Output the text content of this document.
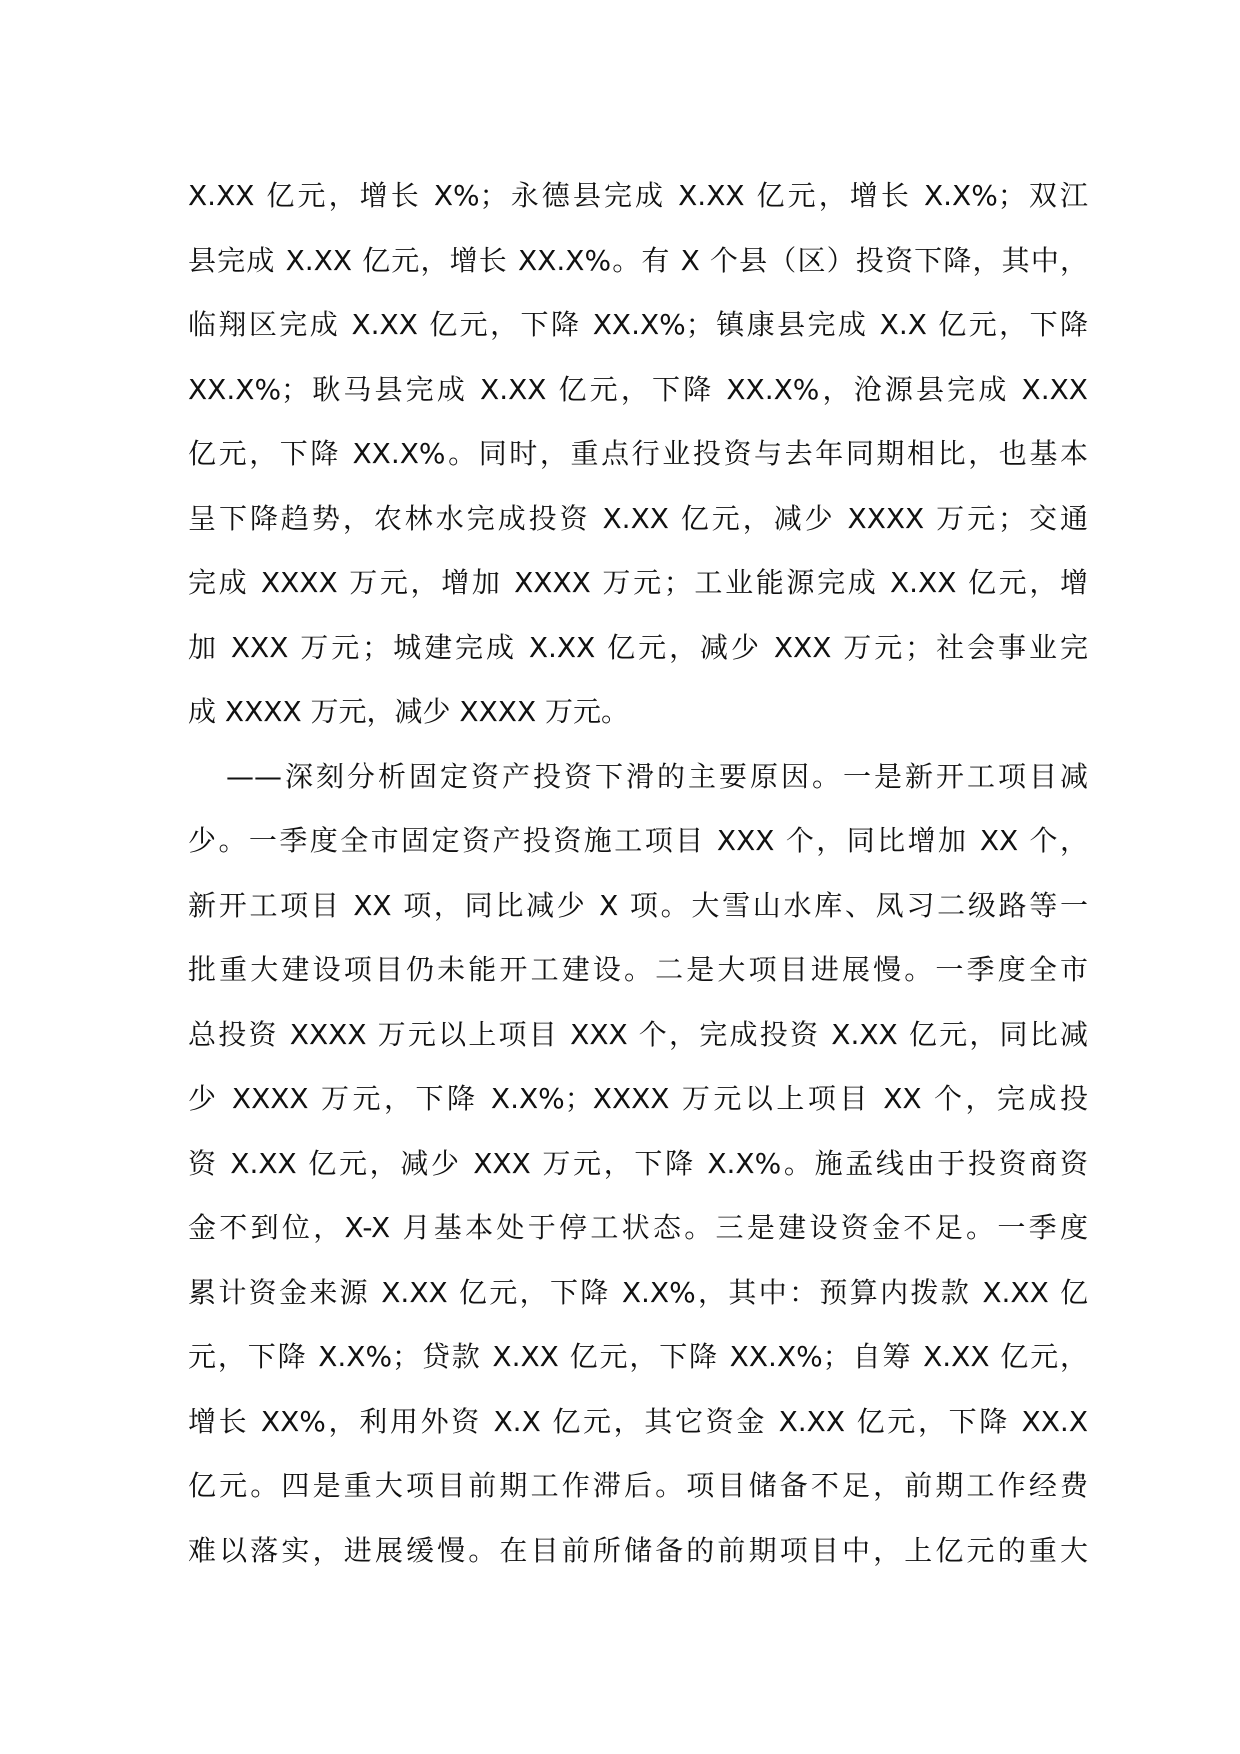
X.XX 亿元，增长 X%；永德县完成 X.XX 亿元，增长 X.X%；双江
县完成 X.XX 亿元，增长 XX.X%。有 X 个县（区）投资下降，其中，
临翔区完成 X.XX 亿元，下降 XX.X%；镇康县完成 X.X 亿元，下降
XX.X%；耿马县完成 X.XX 亿元，下降 XX.X%，沧源县完成 X.XX
亿元，下降 XX.X%。同时，重点行业投资与去年同期相比，也基本
呈下降趋势，农林水完成投资 X.XX 亿元，减少 XXXX 万元；交通
完成 XXXX 万元，增加 XXXX 万元；工业能源完成 X.XX 亿元，增
加 XXX 万元；城建完成 X.XX 亿元，减少 XXX 万元；社会事业完
成 XXXX 万元，减少 XXXX 万元。
——深刻分析固定资产投资下滑的主要原因。一是新开工项目减
少。一季度全市固定资产投资施工项目 XXX 个，同比增加 XX 个，
新开工项目 XX 项，同比减少 X 项。大雪山水库、凤习二级路等一
批重大建设项目仍未能开工建设。二是大项目进展慢。一季度全市
总投资 XXXX 万元以上项目 XXX 个，完成投资 X.XX 亿元，同比减
少 XXXX 万元，下降 X.X%；XXXX 万元以上项目 XX 个，完成投
资 X.XX 亿元，减少 XXX 万元，下降 X.X%。施孟线由于投资商资
金不到位，X-X 月基本处于停工状态。三是建设资金不足。一季度
累计资金来源 X.XX 亿元，下降 X.X%，其中：预算内拨款 X.XX 亿
元，下降 X.X%；贷款 X.XX 亿元，下降 XX.X%；自筹 X.XX 亿元，
增长 XX%，利用外资 X.X 亿元，其它资金 X.XX 亿元，下降 XX.X
亿元。四是重大项目前期工作滞后。项目储备不足，前期工作经费
难以落实，进展缓慢。在目前所储备的前期项目中，上亿元的重大
